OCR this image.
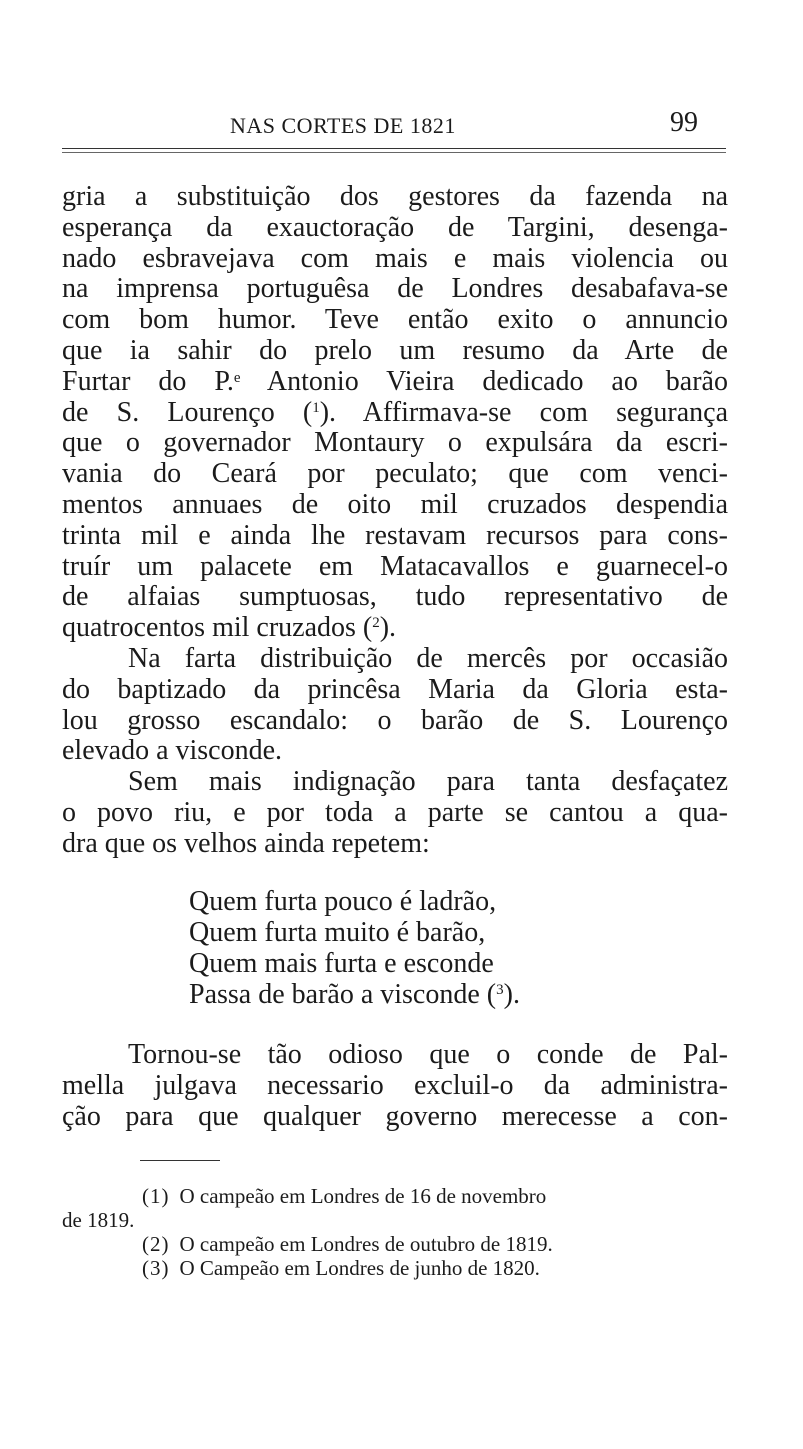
NAS CORTES DE 1821	99
gria a substituição dos gestores da fazenda na
esperança da exauctoração de Targini, desenga-
nado esbravejava com mais e mais violencia ou
na imprensa portuguêsa de Londres desabafava-se
com bom humor. Teve então exito o annuncio
que ia sahir do prelo um resumo da Arte de
Furtar do P.$^e$ Antonio Vieira dedicado ao barão
de S. Lourenço ($^1$). Affirmava-se com segurança
que o governador Montaury o expulsára da escri-
vania do Ceará por peculato; que com venci-
mentos annuaes de oito mil cruzados despendia
trinta mil e ainda lhe restavam recursos para cons-
truír um palacete em Matacavallos e guarnecel-o
de alfaias sumptuosas, tudo representativo de
quatrocentos mil cruzados ($^2$).
Na farta distribuição de mercês por occasião
do baptizado da princêsa Maria da Gloria esta-
lou grosso escandalo: o barão de S. Lourenço
elevado a visconde.
Sem mais indignação para tanta desfaçatez
o povo riu, e por toda a parte se cantou a qua-
dra que os velhos ainda repetem:
Quem furta pouco é ladrão,
Quem furta muito é barão,
Quem mais furta e esconde
Passa de barão a visconde ($^3$).
Tornou-se tão odioso que o conde de Pal-
mella julgava necessario excluil-o da administra-
ção para que qualquer governo merecesse a con-
(1) O campeão em Londres de 16 de novembro
de 1819.
(2) O campeão em Londres de outubro de 1819.
(3) O Campeão em Londres de junho de 1820.
